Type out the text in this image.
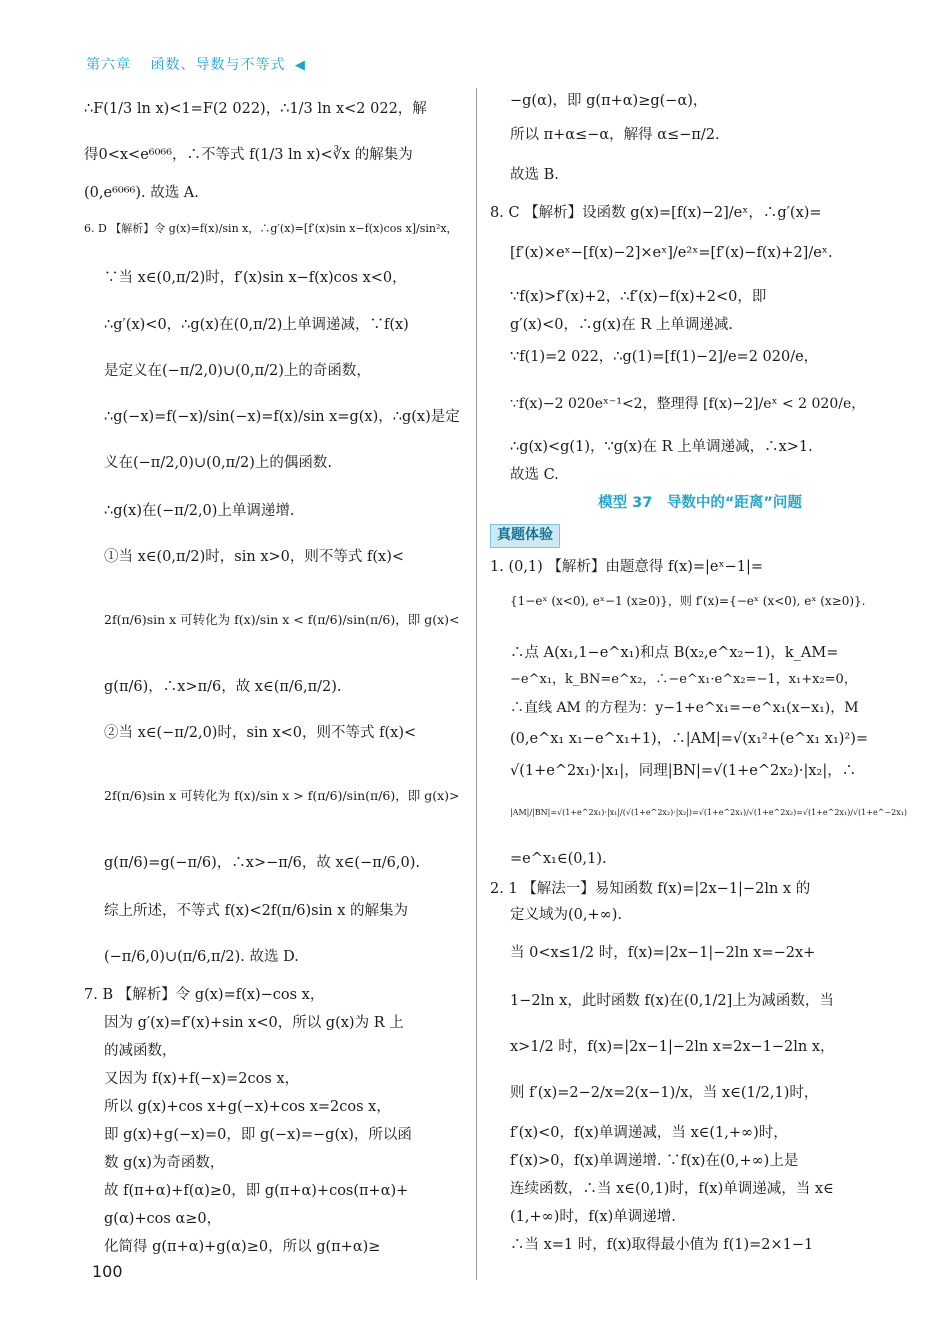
第六章 函数、导数与不等式 ◀
∴F(1/3 ln x)<1=F(2 022)，∴1/3 ln x<2 022，解
得0<x<e⁶⁰⁶⁶，∴不等式 f(1/3 ln x)<∛x 的解集为
(0,e⁶⁰⁶⁶). 故选 A.
6. D 【解析】令 g(x)=f(x)/sin x，∴g′(x)=[f′(x)sin x−f(x)cos x]/sin²x，
∵当 x∈(0,π/2)时，f′(x)sin x−f(x)cos x<0，
∴g′(x)<0，∴g(x)在(0,π/2)上单调递减，∵f(x)
是定义在(−π/2,0)∪(0,π/2)上的奇函数，
∴g(−x)=f(−x)/sin(−x)=f(x)/sin x=g(x)，∴g(x)是定
义在(−π/2,0)∪(0,π/2)上的偶函数.
∴g(x)在(−π/2,0)上单调递增.
①当 x∈(0,π/2)时，sin x>0，则不等式 f(x)<
2f(π/6)sin x 可转化为 f(x)/sin x < f(π/6)/sin(π/6)，即 g(x)<
g(π/6)，∴x>π/6，故 x∈(π/6,π/2).
②当 x∈(−π/2,0)时，sin x<0，则不等式 f(x)<
2f(π/6)sin x 可转化为 f(x)/sin x > f(π/6)/sin(π/6)，即 g(x)>
g(π/6)=g(−π/6)，∴x>−π/6，故 x∈(−π/6,0).
综上所述，不等式 f(x)<2f(π/6)sin x 的解集为
(−π/6,0)∪(π/6,π/2). 故选 D.
7. B 【解析】令 g(x)=f(x)−cos x，
因为 g′(x)=f′(x)+sin x<0，所以 g(x)为 R 上
的减函数，
又因为 f(x)+f(−x)=2cos x，
所以 g(x)+cos x+g(−x)+cos x=2cos x，
即 g(x)+g(−x)=0，即 g(−x)=−g(x)，所以函
数 g(x)为奇函数，
故 f(π+α)+f(α)≥0，即 g(π+α)+cos(π+α)+
g(α)+cos α≥0，
化简得 g(π+α)+g(α)≥0，所以 g(π+α)≥
−g(α)，即 g(π+α)≥g(−α)，
所以 π+α≤−α，解得 α≤−π/2.
故选 B.
8. C 【解析】设函数 g(x)=[f(x)−2]/eˣ，∴g′(x)=
[f′(x)×eˣ−[f(x)−2]×eˣ]/e²ˣ=[f′(x)−f(x)+2]/eˣ.
∵f(x)>f′(x)+2，∴f′(x)−f(x)+2<0，即
g′(x)<0，∴g(x)在 R 上单调递减.
∵f(1)=2 022，∴g(1)=[f(1)−2]/e=2 020/e，
∵f(x)−2 020eˣ⁻¹<2，整理得 [f(x)−2]/eˣ < 2 020/e，
∴g(x)<g(1)，∵g(x)在 R 上单调递减，∴x>1.
故选 C.
模型 37　导数中的“距离”问题
真题体验
1. (0,1) 【解析】由题意得 f(x)=|eˣ−1|=
{1−eˣ (x<0), eˣ−1 (x≥0)}，则 f′(x)={−eˣ (x<0), eˣ (x≥0)}.
∴点 A(x₁,1−e^x₁)和点 B(x₂,e^x₂−1)，k_AM=
−e^x₁，k_BN=e^x₂，∴−e^x₁·e^x₂=−1，x₁+x₂=0，
∴直线 AM 的方程为：y−1+e^x₁=−e^x₁(x−x₁)，M
(0,e^x₁ x₁−e^x₁+1)，∴|AM|=√(x₁²+(e^x₁ x₁)²)=
√(1+e^2x₁)·|x₁|，同理|BN|=√(1+e^2x₂)·|x₂|，∴
|AM|/|BN|=√(1+e^2x₁)·|x₁|/(√(1+e^2x₂)·|x₂|)=√(1+e^2x₁)/√(1+e^2x₂)=√(1+e^2x₁)/√(1+e^−2x₁)
=e^x₁∈(0,1).
2. 1 【解法一】易知函数 f(x)=|2x−1|−2ln x 的
定义域为(0,+∞).
当 0<x≤1/2 时，f(x)=|2x−1|−2ln x=−2x+
1−2ln x，此时函数 f(x)在(0,1/2]上为减函数，当
x>1/2 时，f(x)=|2x−1|−2ln x=2x−1−2ln x，
则 f′(x)=2−2/x=2(x−1)/x，当 x∈(1/2,1)时，
f′(x)<0，f(x)单调递减，当 x∈(1,+∞)时，
f′(x)>0，f(x)单调递增. ∵f(x)在(0,+∞)上是
连续函数，∴当 x∈(0,1)时，f(x)单调递减，当 x∈
(1,+∞)时，f(x)单调递增.
∴当 x=1 时，f(x)取得最小值为 f(1)=2×1−1
100
